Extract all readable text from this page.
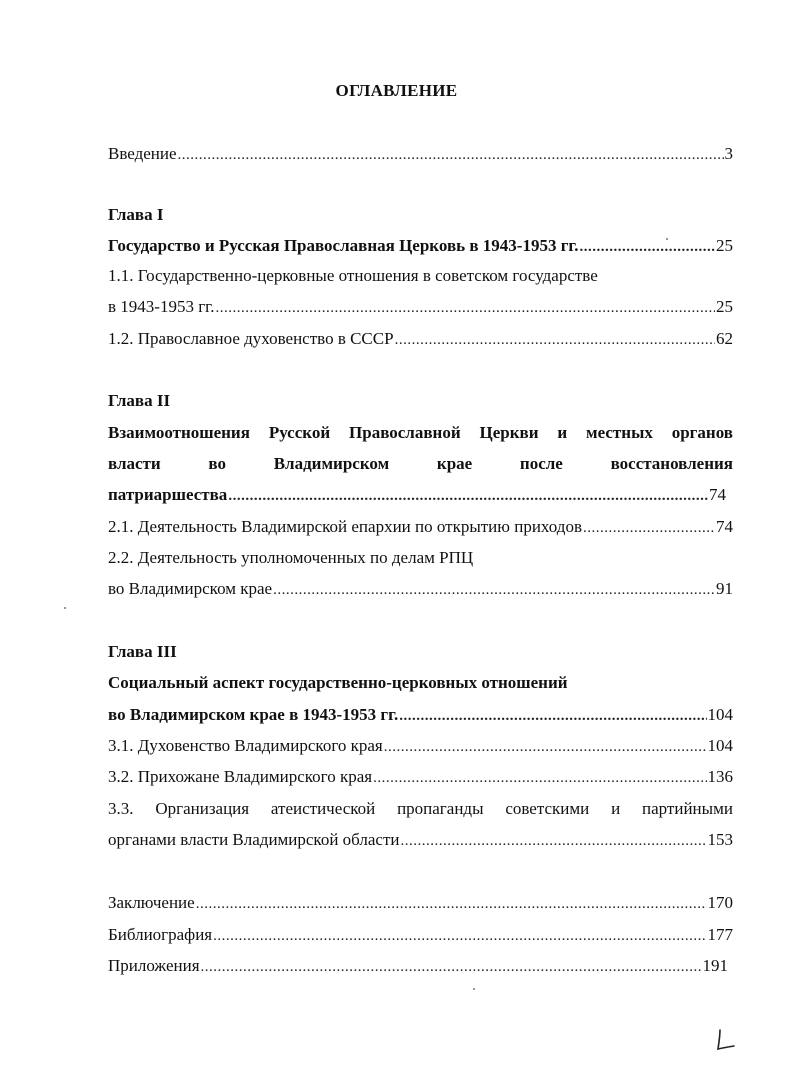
ОГЛАВЛЕНИЕ
Введение .....	3
Глава I
Государство и Русская Православная Церковь в 1943-1953 гг. .....	25
1.1. Государственно-церковные отношения в советском государстве
в 1943-1953 гг. .....	25
1.2. Православное духовенство в СССР .....	62
Глава II
Взаимоотношения Русской Православной Церкви и местных органов
власти	во	Владимирском	крае	после	восстановления
патриаршества .....	74
2.1. Деятельность Владимирской епархии по открытию приходов .....	74
2.2. Деятельность уполномоченных по делам РПЦ
во Владимирском крае .....	91
Глава III
Социальный аспект государственно-церковных отношений
во Владимирском крае в 1943-1953 гг. .....	104
3.1. Духовенство Владимирского края .....	104
3.2. Прихожане Владимирского края .....	136
3.3. Организация атеистической пропаганды советскими и партийными
органами власти Владимирской области .....	153
Заключение .....	170
Библиография .....	177
Приложения .....	191
